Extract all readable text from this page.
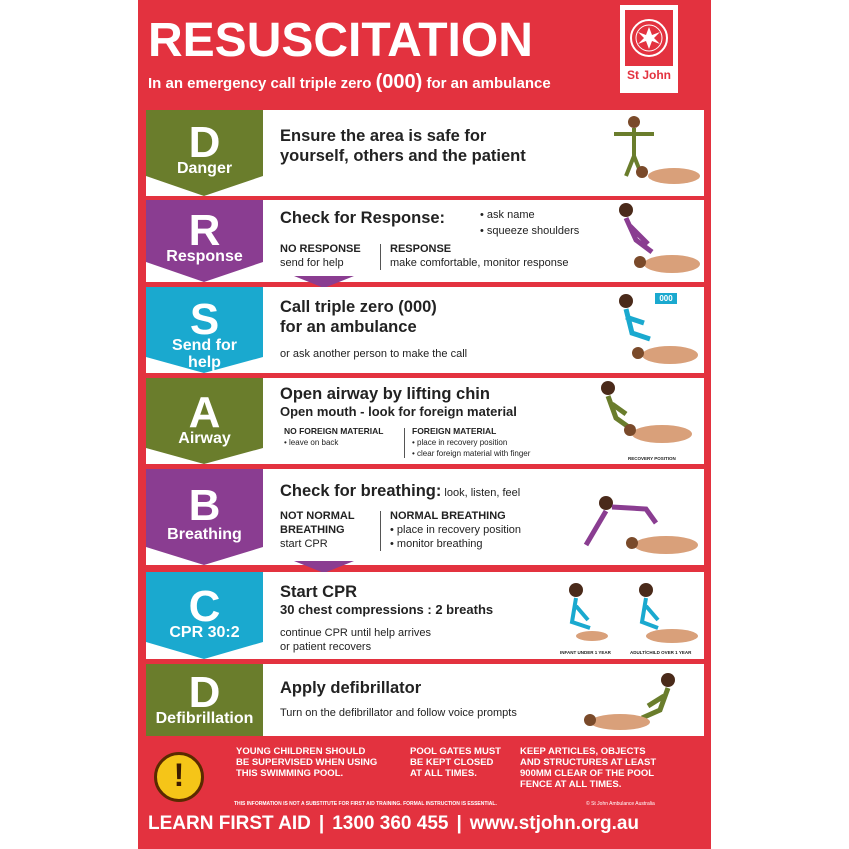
RESUSCITATION
In an emergency call triple zero (000) for an ambulance	St John
D
Danger
Ensure the area is safe for
yourself, others and the patient
R
Response
Check for Response:	• ask name
• squeeze shoulders
NO RESPONSE
send for help
RESPONSE
make comfortable, monitor response
S
Send for
help
Call triple zero (000)
for an ambulance
or ask another person to make the call
000
A
Airway
Open airway by lifting chin
Open mouth - look for foreign material
NO FOREIGN MATERIAL
• leave on back
FOREIGN MATERIAL
• place in recovery position
• clear foreign material with finger
RECOVERY POSITION
B
Breathing
Check for breathing: look, listen, feel
NOT NORMAL
BREATHING
start CPR
NORMAL BREATHING
• place in recovery position
• monitor breathing
C
CPR 30:2
Start CPR
30 chest compressions : 2 breaths
continue CPR until help arrives
or patient recovers	INFANT UNDER 1 YEAR	ADULT/CHILD OVER 1 YEAR
D
Defibrillation
Apply defibrillator
Turn on the defibrillator and follow voice prompts
!
YOUNG CHILDREN SHOULD
BE SUPERVISED WHEN USING
THIS SWIMMING POOL.
POOL GATES MUST
BE KEPT CLOSED
AT ALL TIMES.
KEEP ARTICLES, OBJECTS
AND STRUCTURES AT LEAST
900MM CLEAR OF THE POOL
FENCE AT ALL TIMES.
THIS INFORMATION IS NOT A SUBSTITUTE FOR FIRST AID TRAINING. FORMAL INSTRUCTION IS ESSENTIAL.	© St John Ambulance Australia
LEARN FIRST AID | 1300 360 455 | www.stjohn.org.au
